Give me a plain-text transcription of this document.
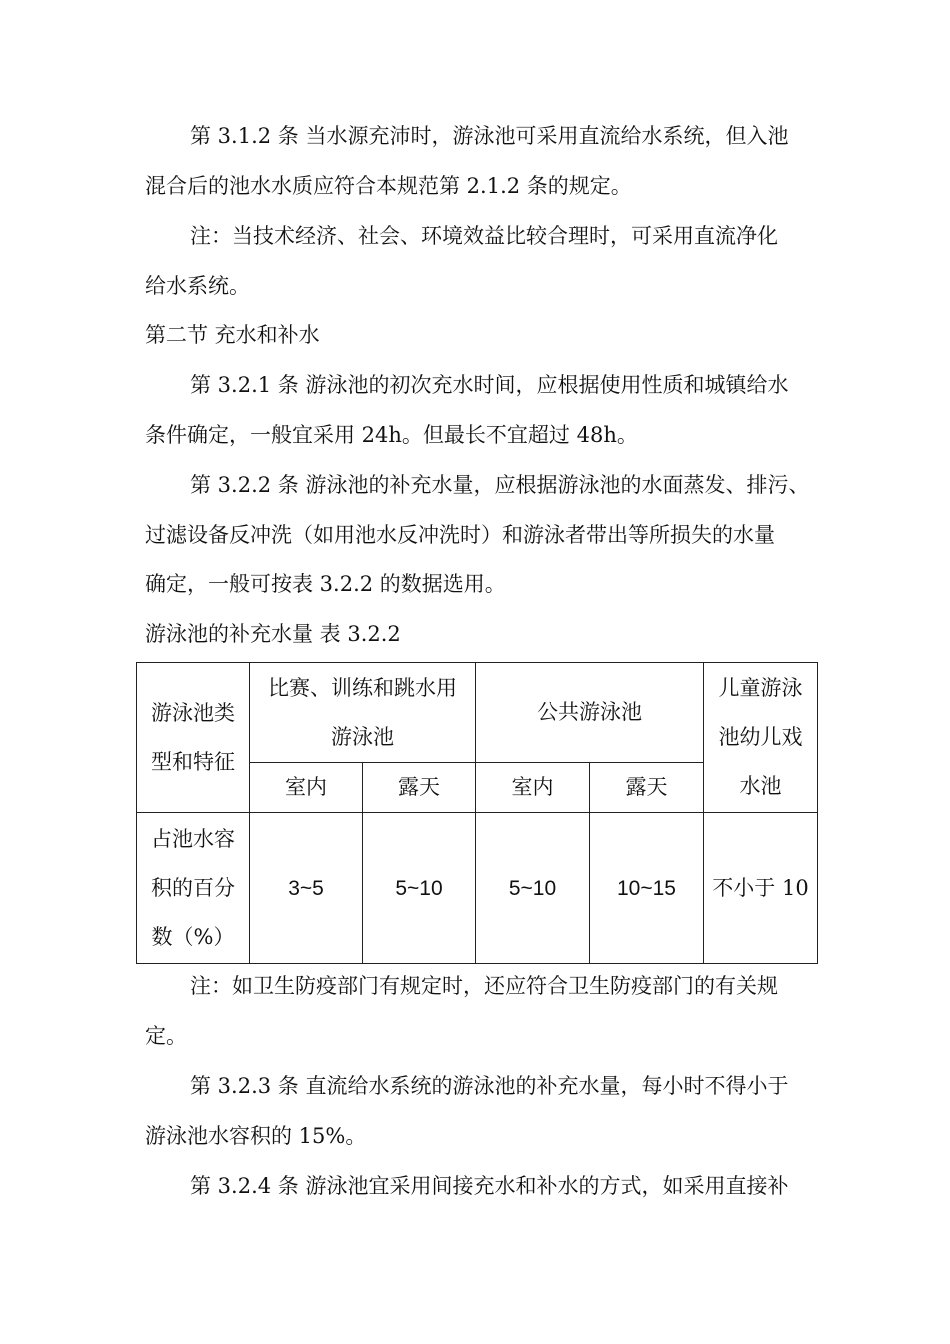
第 3.1.2 条 当水源充沛时，游泳池可采用直流给水系统，但入池
混合后的池水水质应符合本规范第 2.1.2 条的规定。
注：当技术经济、社会、环境效益比较合理时，可采用直流净化
给水系统。
第二节 充水和补水
第 3.2.1 条 游泳池的初次充水时间，应根据使用性质和城镇给水
条件确定，一般宜采用 24h。但最长不宜超过 48h。
第 3.2.2 条 游泳池的补充水量，应根据游泳池的水面蒸发、排污、
过滤设备反冲洗（如用池水反冲洗时）和游泳者带出等所损失的水量
确定，一般可按表 3.2.2 的数据选用。
游泳池的补充水量 表 3.2.2
游泳池类型和特征	比赛、训练和跳水用游泳池		公共游泳池		儿童游泳池幼儿戏水池

	室内	露天	室内	露天	

占池水容积的百分数（%）	3~5	5~10	5~10	10~15	不小于 10
注：如卫生防疫部门有规定时，还应符合卫生防疫部门的有关规
定。
第 3.2.3 条 直流给水系统的游泳池的补充水量，每小时不得小于
游泳池水容积的 15%。
第 3.2.4 条 游泳池宜采用间接充水和补水的方式，如采用直接补
